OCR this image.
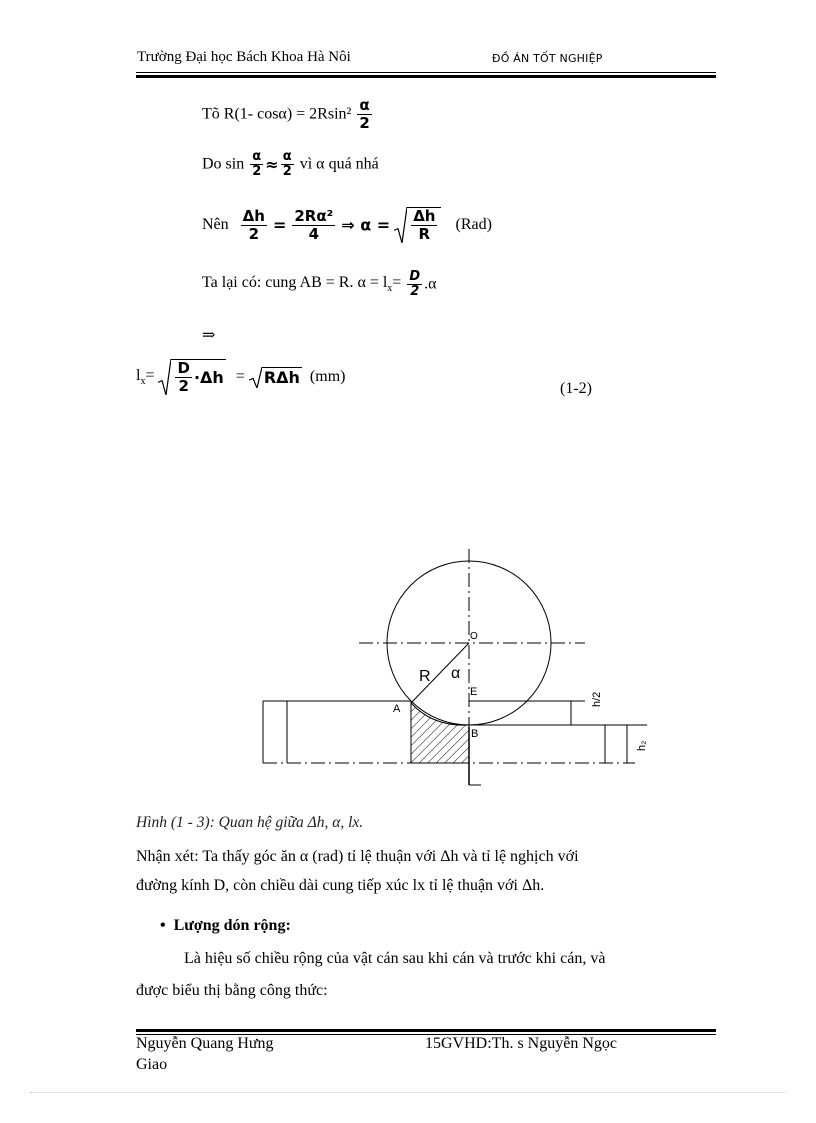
Trường Đại học Bách Khoa Hà Nôi	ĐỒ ÁN TỐT NGHIỆP
Tõ R(1- $\cos\alpha) = 2Rsin^2 \frac{\alpha}{2}$
Do $\sin \frac{\alpha}{2} \approx \frac{\alpha}{2}$ vì α quá nhá
Nên $\frac{\Delta h}{2} = \frac{\text{2Rα²}}{4}$ ⇒ $\alpha = \frac{\Delta h}{R} (Rad)$
Ta lại có: cung AB = R. $\alpha = l_x= \frac{D}{2} .\alpha$
⇒
$l_x= \frac{D}{2} \cdot\Delta h = R\Delta h$ (mm)
(1-2)
O
R α
E
A
B
h/2
h₂
Hình (1 - 3): Quan hệ giữa Δh, α, lx.
Nhận xét: Ta thấy góc ăn α (rad) tỉ lệ thuận với Δh và tỉ lệ nghịch với
đường kính D, còn chiều dài cung tiếp xúc lx tỉ lệ thuận với Δh.
• Lượng dón rộng:
Là hiệu số chiều rộng của vật cán sau khi cán và trước khi cán, và
được biểu thị bằng công thức:
Nguyễn Quang Hưng	15GVHD:Th. s Nguyễn Ngọc
Giao
